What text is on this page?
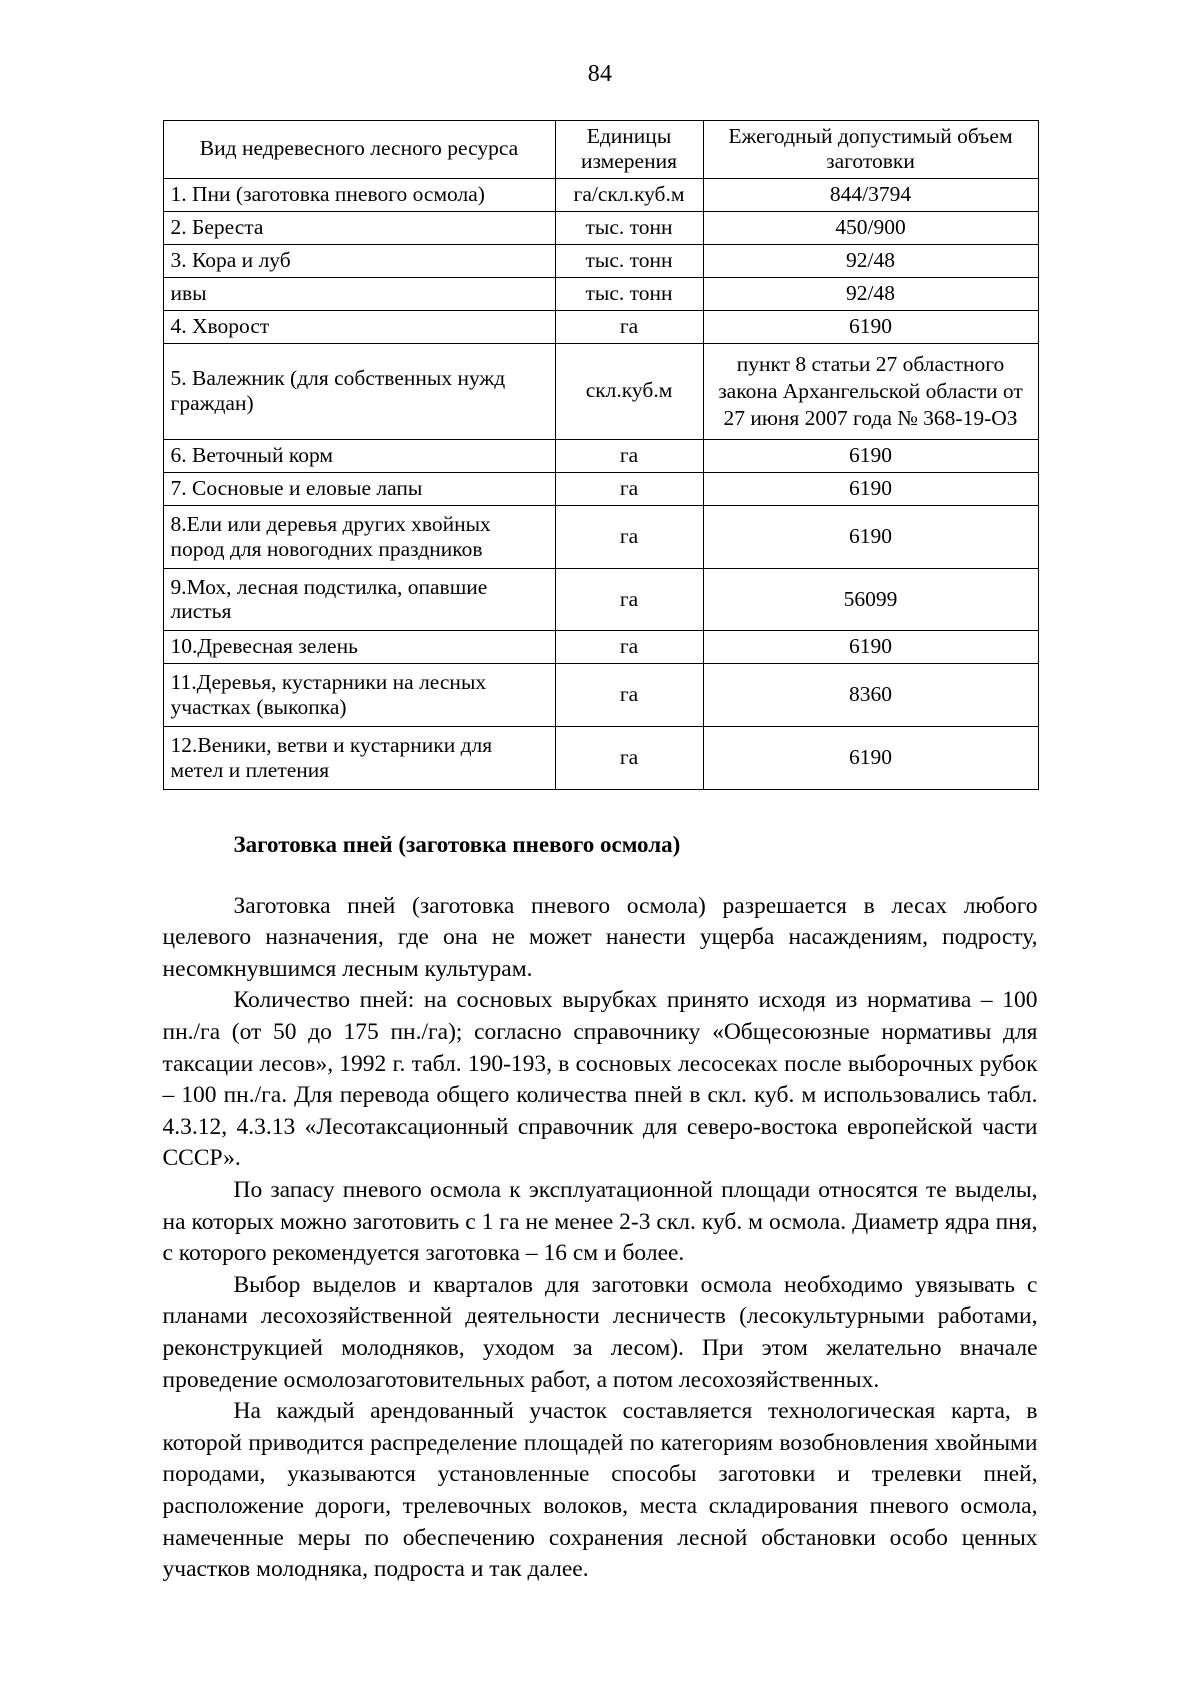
84
Вид недревесного лесного ресурса	Единицы измерения	Ежегодный допустимый объем заготовки
1. Пни (заготовка пневого осмола)	га/скл.куб.м	844/3794
2. Береста	тыс. тонн	450/900
3. Кора и луб	тыс. тонн	92/48
ивы	тыс. тонн	92/48
4. Хворост	га	6190
5. Валежник (для собственных нужд граждан)	скл.куб.м	пункт 8 статьи 27 областного закона Архангельской области от 27 июня 2007 года № 368-19-ОЗ
6. Веточный корм	га	6190
7. Сосновые и еловые лапы	га	6190
8.Ели или деревья других хвойных пород для новогодних праздников	га	6190
9.Мох, лесная подстилка, опавшие листья	га	56099
10.Древесная зелень	га	6190
11.Деревья, кустарники на лесных участках (выкопка)	га	8360
12.Веники, ветви и кустарники для метел и плетения	га	6190
Заготовка пней (заготовка пневого осмола)

Заготовка пней (заготовка пневого осмола) разрешается в лесах любого целевого назначения, где она не может нанести ущерба насаждениям, подросту, несомкнувшимся лесным культурам.

Количество пней: на сосновых вырубках принято исходя из норматива – 100 пн./га (от 50 до 175 пн./га); согласно справочнику «Общесоюзные нормативы для таксации лесов», 1992 г. табл. 190-193, в сосновых лесосеках после выборочных рубок – 100 пн./га. Для перевода общего количества пней в скл. куб. м использовались табл. 4.3.12, 4.3.13 «Лесотаксационный справочник для северо-востока европейской части СССР».

По запасу пневого осмола к эксплуатационной площади относятся те выделы, на которых можно заготовить с 1 га не менее 2-3 скл. куб. м осмола. Диаметр ядра пня, с которого рекомендуется заготовка – 16 см и более.

Выбор выделов и кварталов для заготовки осмола необходимо увязывать с планами лесохозяйственной деятельности лесничеств (лесокультурными работами, реконструкцией молодняков, уходом за лесом). При этом желательно вначале проведение осмолозаготовительных работ, а потом лесохозяйственных.

На каждый арендованный участок составляется технологическая карта, в которой приводится распределение площадей по категориям возобновления хвойными породами, указываются установленные способы заготовки и трелевки пней, расположение дороги, трелевочных волоков, места складирования пневого осмола, намеченные меры по обеспечению сохранения лесной обстановки особо ценных участков молодняка, подроста и так далее.
